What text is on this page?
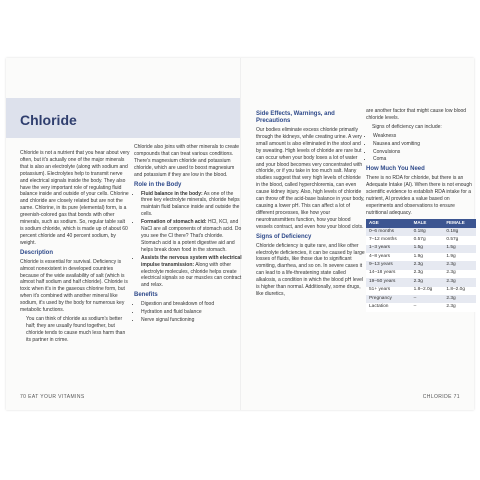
Chloride

Chloride is not a nutrient that you hear about very often, but it's actually one of the major minerals that is also an electrolyte (along with sodium and potassium). Electrolytes help to transmit nerve and electrical signals inside the body. They also have the very important role of regulating fluid balance inside and outside of your cells. Chlorine and chloride are closely related but are not the same. Chlorine, in its pure (elemental) form, is a greenish-colored gas that bonds with other minerals, such as sodium. So, regular table salt is sodium chloride, which is made up of about 60 percent chloride and 40 percent sodium, by weight.

Description

Chloride is essential for survival. Deficiency is almost nonexistent in developed countries because of the wide availability of salt (which is almost half sodium and half chloride). Chloride is toxic when it's in the gaseous chlorine form, but when it's combined with another mineral like sodium, it's used by the body for numerous key metabolic functions.

You can think of chloride as sodium's better half; they are usually found together, but chloride tends to cause much less harm than its partner in crime.

Chloride also joins with other minerals to create compounds that can treat various conditions. There's magnesium chloride and potassium chloride, which are used to boost magnesium and potassium if they are low in the blood.

Role in the Body
• Fluid balance in the body: As one of the three key electrolyte minerals, chloride helps maintain fluid balance inside and outside the cells.
• Formation of stomach acid: HCl, KCl, and NaCl are all components of stomach acid. Do you see the Cl there? That's chloride. Stomach acid is a potent digestive aid and helps break down food in the stomach.
• Assists the nervous system with electrical impulse transmission: Along with other electrolyte molecules, chloride helps create electrical signals so our muscles can contract and relax.
Benefits
• Digestion and breakdown of food
• Hydration and fluid balance
• Nerve signal functioning
Side Effects, Warnings, and Precautions

Our bodies eliminate excess chloride primarily through the kidneys, while creating urine. A very small amount is also eliminated in the stool and by sweating. High levels of chloride are rare but can occur when your body loses a lot of water and your blood becomes very concentrated with chloride, or if you take in too much salt. Many studies suggest that very high levels of chloride in the blood, called hyperchloremia, can even cause kidney injury. Also, high levels of chloride can throw off the acid-base balance in your body, causing a lower pH. This can affect a lot of different processes, like how your neurotransmitters function, how your blood vessels contract, and even how your blood clots.

Signs of Deficiency

Chloride deficiency is quite rare, and like other electrolyte deficiencies, it can be caused by large losses of fluids, like those due to significant vomiting, diarrhea, and so on. In severe cases it can lead to a life-threatening state called alkalosis, a condition in which the blood pH level is higher than normal. Additionally, some drugs, like diuretics,

are another factor that might cause low blood chloride levels.

Signs of deficiency can include:

• Weakness
• Nausea and vomiting
• Convulsions
• Coma
How Much You Need

There is no RDA for chloride, but there is an Adequate Intake (AI). When there is not enough scientific evidence to establish RDA intake for a nutrient, AI provides a value based on experiments and observations to ensure nutritional adequacy.

AGE	MALE	FEMALE
0–6 months	0.18g	0.18g
7–12 months	0.57g	0.57g
1–3 years	1.5g	1.5g
4–8 years	1.9g	1.9g
9–13 years	2.3g	2.3g
14–18 years	2.3g	2.3g
19–50 years	2.3g	2.3g
51+ years	1.8–2.0g	1.8–2.0g
Pregnancy	–	2.3g
Lactation	–	2.3g
70 EAT YOUR VITAMINS	CHLORIDE 71
